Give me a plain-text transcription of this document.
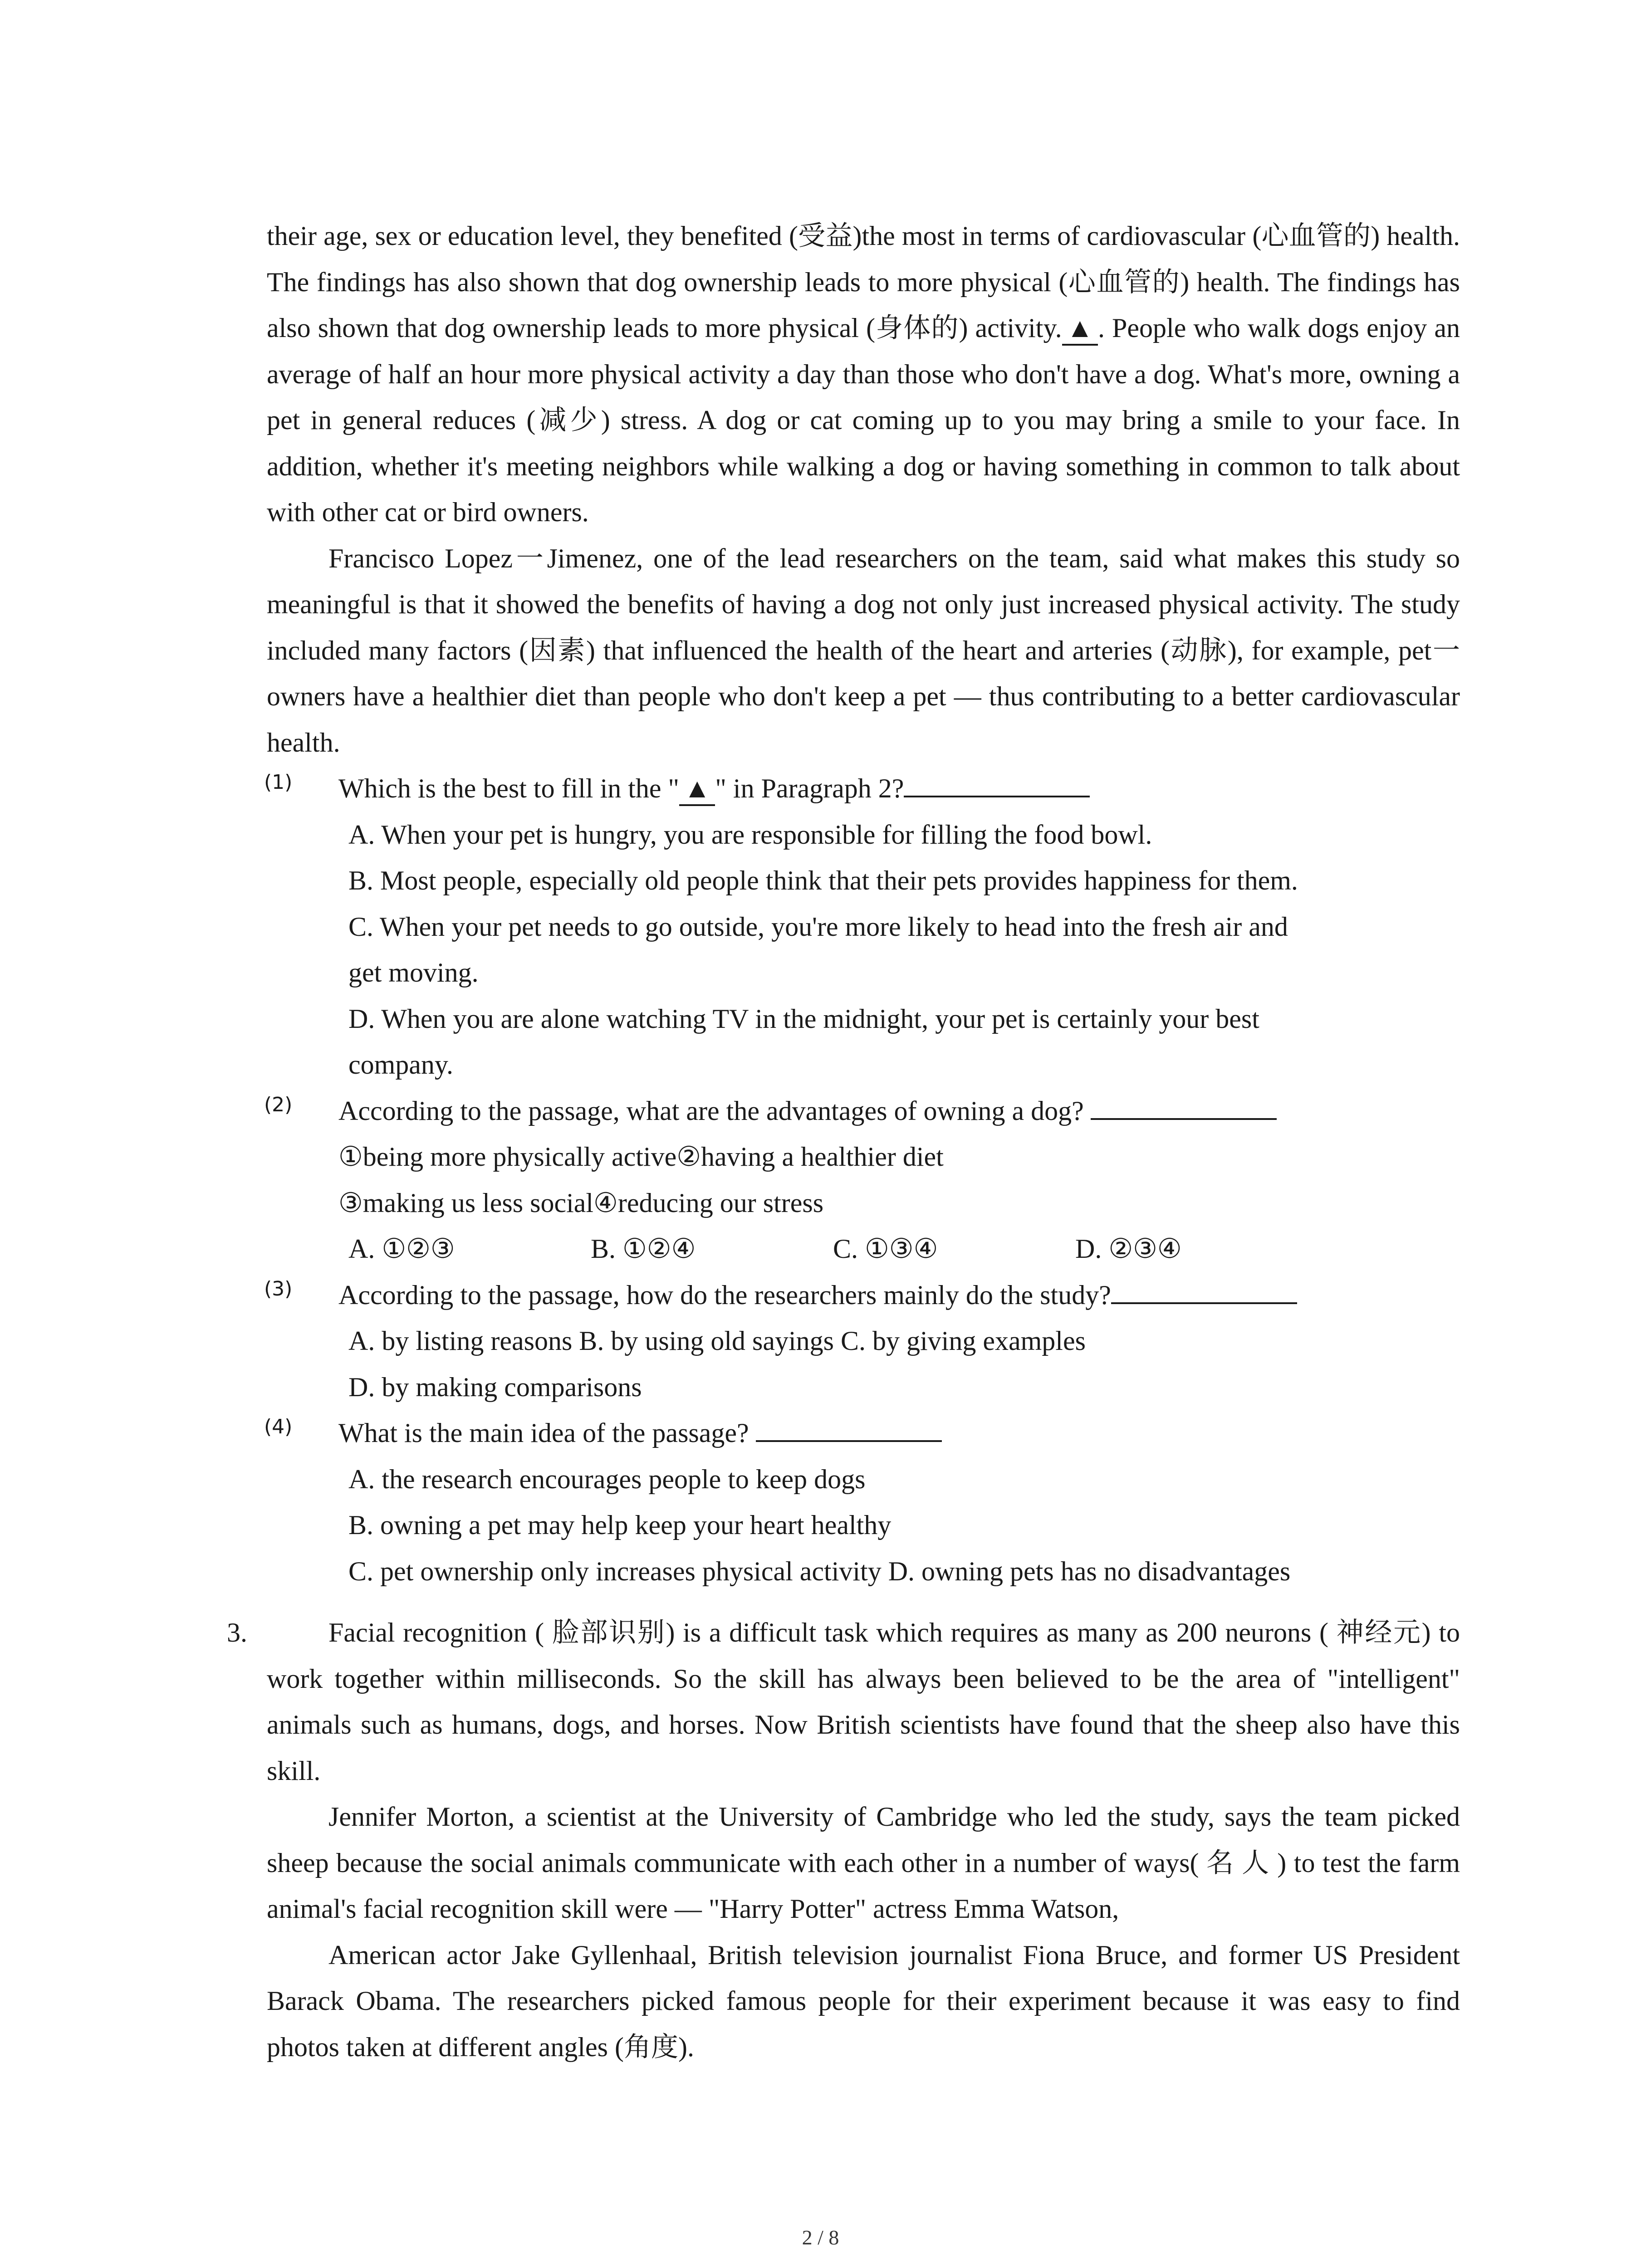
their age, sex or education level, they benefited (受益)the most in terms of cardiovascular (心血管的) health. The findings has also shown that dog ownership leads to more physical (心血管的) health. The findings has also shown that dog ownership leads to more physical (身体的) activity. ▲ . People who walk dogs enjoy an average of half an hour more physical activity a day than those who don't have a dog. What's more, owning a pet in general reduces (减少) stress. A dog or cat coming up to you may bring a smile to your face. In addition, whether it's meeting neighbors while walking a dog or having something in common to talk about with other cat or bird owners.

Francisco Lopez一Jimenez, one of the lead researchers on the team, said what makes this study so meaningful is that it showed the benefits of having a dog not only just increased physical activity. The study included many factors (因素) that influenced the health of the heart and arteries (动脉), for example, pet一owners have a healthier diet than people who don't keep a pet — thus contributing to a better cardiovascular health.

(1) Which is the best to fill in the " ▲ " in Paragraph 2?
A. When your pet is hungry, you are responsible for filling the food bowl.
B. Most people, especially old people think that their pets provides happiness for them.
C. When your pet needs to go outside, you're more likely to head into the fresh air and
get moving.
D. When you are alone watching TV in the midnight, your pet is certainly your best
company.
(2) According to the passage, what are the advantages of owning a dog?
①being more physically active②having a healthier diet
③making us less social④reducing our stress
A. ①②③	B. ①②④	C. ①③④	D. ②③④
(3) According to the passage, how do the researchers mainly do the study?
A. by listing reasons B. by using old sayings C. by giving examples
D. by making comparisons
(4) What is the main idea of the passage?
A. the research encourages people to keep dogs
B. owning a pet may help keep your heart healthy
C. pet ownership only increases physical activity D. owning pets has no disadvantages
3.	Facial recognition ( 脸部识别) is a difficult task which requires as many as 200 neurons ( 神经元) to work together within milliseconds. So the skill has always been believed to be the area of "intelligent" animals such as humans, dogs, and horses. Now British scientists have found that the sheep also have this skill.

Jennifer Morton, a scientist at the University of Cambridge who led the study, says the team picked sheep because the social animals communicate with each other in a number of ways( 名 人 ) to test the farm animal's facial recognition skill were — "Harry Potter" actress Emma Watson,

American actor Jake Gyllenhaal, British television journalist Fiona Bruce, and former US President Barack Obama. The researchers picked famous people for their experiment because it was easy to find photos taken at different angles (角度).

2 / 8
